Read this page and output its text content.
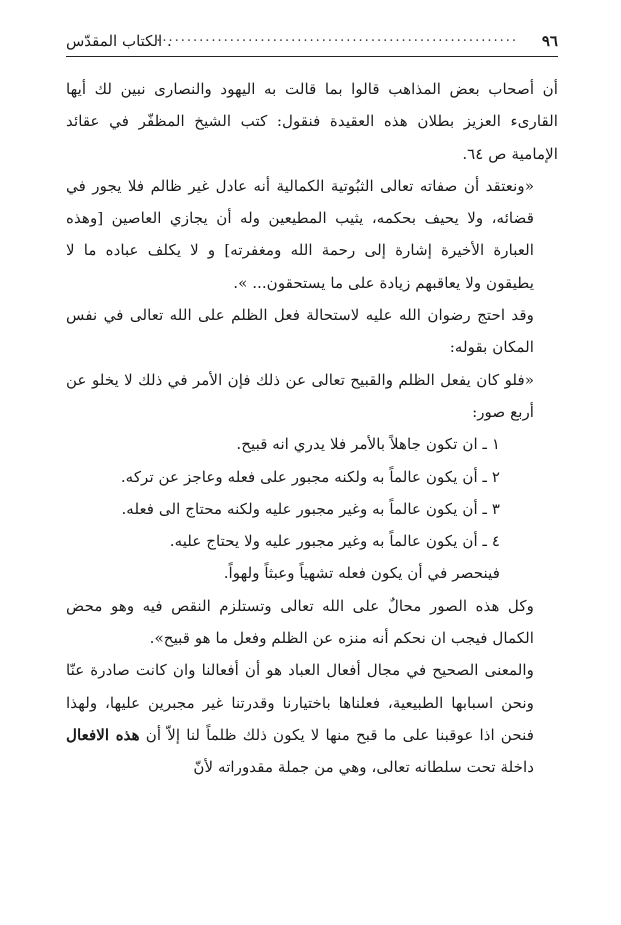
٩٦
...........................................................
. الكتاب المقدّس

أن أصحاب بعض المذاهب قالوا بما قالت به اليهود والنصارى نبين لك أيها القارىء العزيز بطلان هذه العقيدة فنقول: كتب الشيخ المظفّر في عقائد الإمامية ص ٦٤.

«ونعتقد أن صفاته تعالى الثبُوتية الكمالية أنه عادل غير ظالم فلا يجور في قضائه، ولا يحيف بحكمه، يثيب المطيعين وله أن يجازي العاصين [وهذه العبارة الأخيرة إشارة إلى رحمة الله ومغفرته] و لا يكلف عباده ما لا يطيقون ولا يعاقبهم زيادة على ما يستحقون... ».

وقد احتج رضوان الله عليه لاستحالة فعل الظلم على الله تعالى في نفس المكان بقوله:

«فلو كان يفعل الظلم والقبيح تعالى عن ذلك فإن الأمر في ذلك لا يخلو عن أربع صور:

١ ـ ان تكون جاهلاً بالأمر فلا يدري انه قبيح.

٢ ـ أن يكون عالماً به ولكنه مجبور على فعله وعاجز عن تركه.

٣ ـ أن يكون عالماً به وغير مجبور عليه ولكنه محتاج الى فعله.

٤ ـ أن يكون عالماً به وغير مجبور عليه ولا يحتاج عليه.

فينحصر في أن يكون فعله تشهياً وعبثاً ولهواً.

وكل هذه الصور محالٌ على الله تعالى وتستلزم النقص فيه وهو محض الكمال فيجب ان نحكم أنه منزه عن الظلم وفعل ما هو قبيح».

والمعنى الصحيح في مجال أفعال العباد هو أن أفعالنا وان كانت صادرة عنّا ونحن اسبابها الطبيعية، فعلناها باختيارنا وقدرتنا غير مجبرين عليها، ولهذا فنحن اذا عوقبنا على ما قبح منها لا يكون ذلك ظلماً لنا إلاّ أن هذه الافعال داخلة تحت سلطانه تعالى، وهي من جملة مقدوراته لأنّ
